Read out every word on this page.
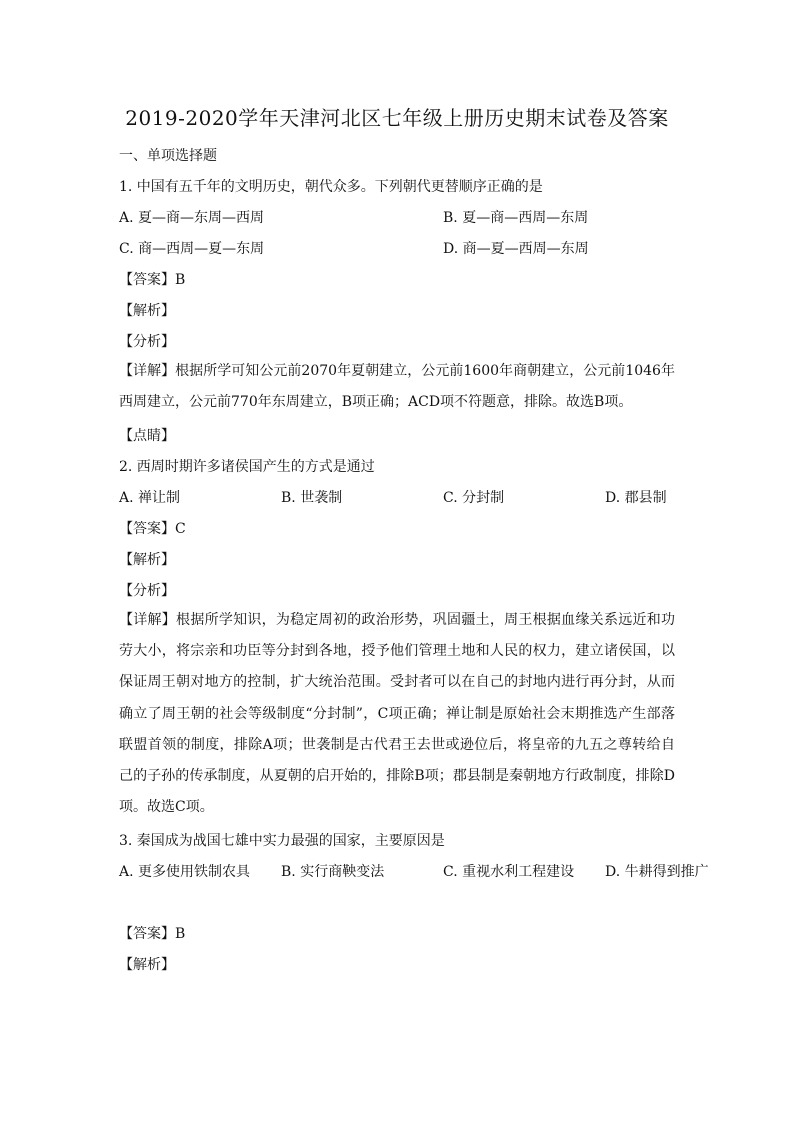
2019-2020学年天津河北区七年级上册历史期末试卷及答案
一、单项选择题
1. 中国有五千年的文明历史，朝代众多。下列朝代更替顺序正确的是
A. 夏—商—东周—西周	B. 夏—商—西周—东周
C. 商—西周—夏—东周	D. 商—夏—西周—东周
【答案】B
【解析】
【分析】
【详解】根据所学可知公元前2070年夏朝建立，公元前1600年商朝建立，公元前1046年西周建立，公元前770年东周建立，B项正确；ACD项不符题意，排除。故选B项。
【点睛】
2. 西周时期许多诸侯国产生的方式是通过
A. 禅让制	B. 世袭制	C. 分封制	D. 郡县制
【答案】C
【解析】
【分析】
【详解】根据所学知识，为稳定周初的政治形势，巩固疆土，周王根据血缘关系远近和功劳大小，将宗亲和功臣等分封到各地，授予他们管理土地和人民的权力，建立诸侯国，以保证周王朝对地方的控制，扩大统治范围。受封者可以在自己的封地内进行再分封，从而确立了周王朝的社会等级制度“分封制”，C项正确；禅让制是原始社会末期推选产生部落联盟首领的制度，排除A项；世袭制是古代君王去世或逊位后，将皇帝的九五之尊转给自己的子孙的传承制度，从夏朝的启开始的，排除B项；郡县制是秦朝地方行政制度，排除D项。故选C项。
3. 秦国成为战国七雄中实力最强的国家，主要原因是
A. 更多使用铁制农具 B. 实行商鞅变法	C. 重视水利工程建设 D. 牛耕得到推广
【答案】B
【解析】
